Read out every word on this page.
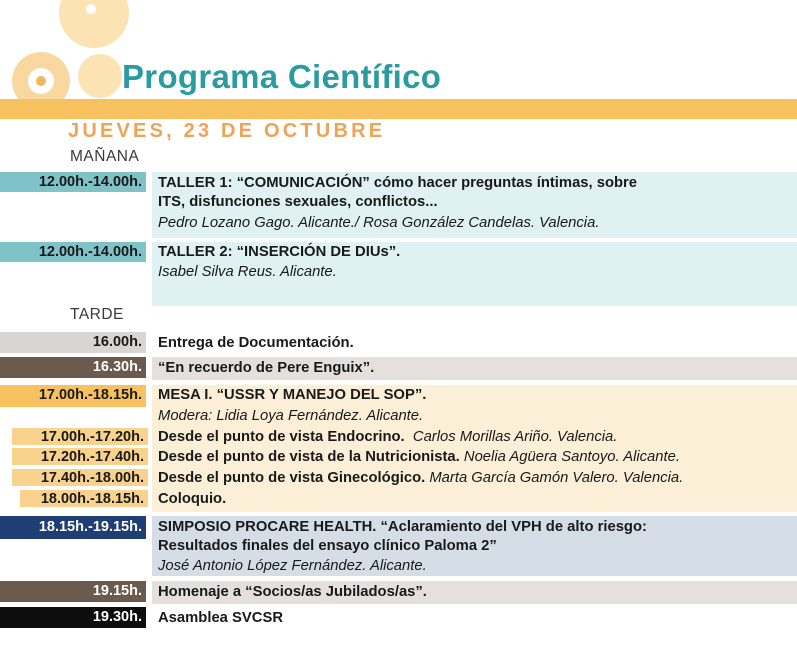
Programa Científico
JUEVES, 23 DE OCTUBRE
MAÑANA
12.00h.-14.00h. TALLER 1: “COMUNICACIÓN” cómo hacer preguntas íntimas, sobre
ITS, disfunciones sexuales, conflictos...
Pedro Lozano Gago. Alicante./ Rosa González Candelas. Valencia.
12.00h.-14.00h. TALLER 2: “INSERCIÓN DE DIUs”.
Isabel Silva Reus. Alicante.
TARDE
16.00h. Entrega de Documentación.
16.30h. “En recuerdo de Pere Enguix”.
17.00h.-18.15h. MESA I. “USSR Y MANEJO DEL SOP”.
Modera: Lidia Loya Fernández. Alicante.
17.00h.-17.20h. Desde el punto de vista Endocrino. Carlos Morillas Ariño. Valencia.
17.20h.-17.40h. Desde el punto de vista de la Nutricionista. Noelia Agüera Santoyo. Alicante.
17.40h.-18.00h. Desde el punto de vista Ginecológico. Marta García Gamón Valero. Valencia.
18.00h.-18.15h. Coloquio.
18.15h.-19.15h. SIMPOSIO PROCARE HEALTH. “Aclaramiento del VPH de alto riesgo:
Resultados finales del ensayo clínico Paloma 2”
José Antonio López Fernández. Alicante.
19.15h. Homenaje a “Socios/as Jubilados/as”.
19.30h. Asamblea SVCSR
